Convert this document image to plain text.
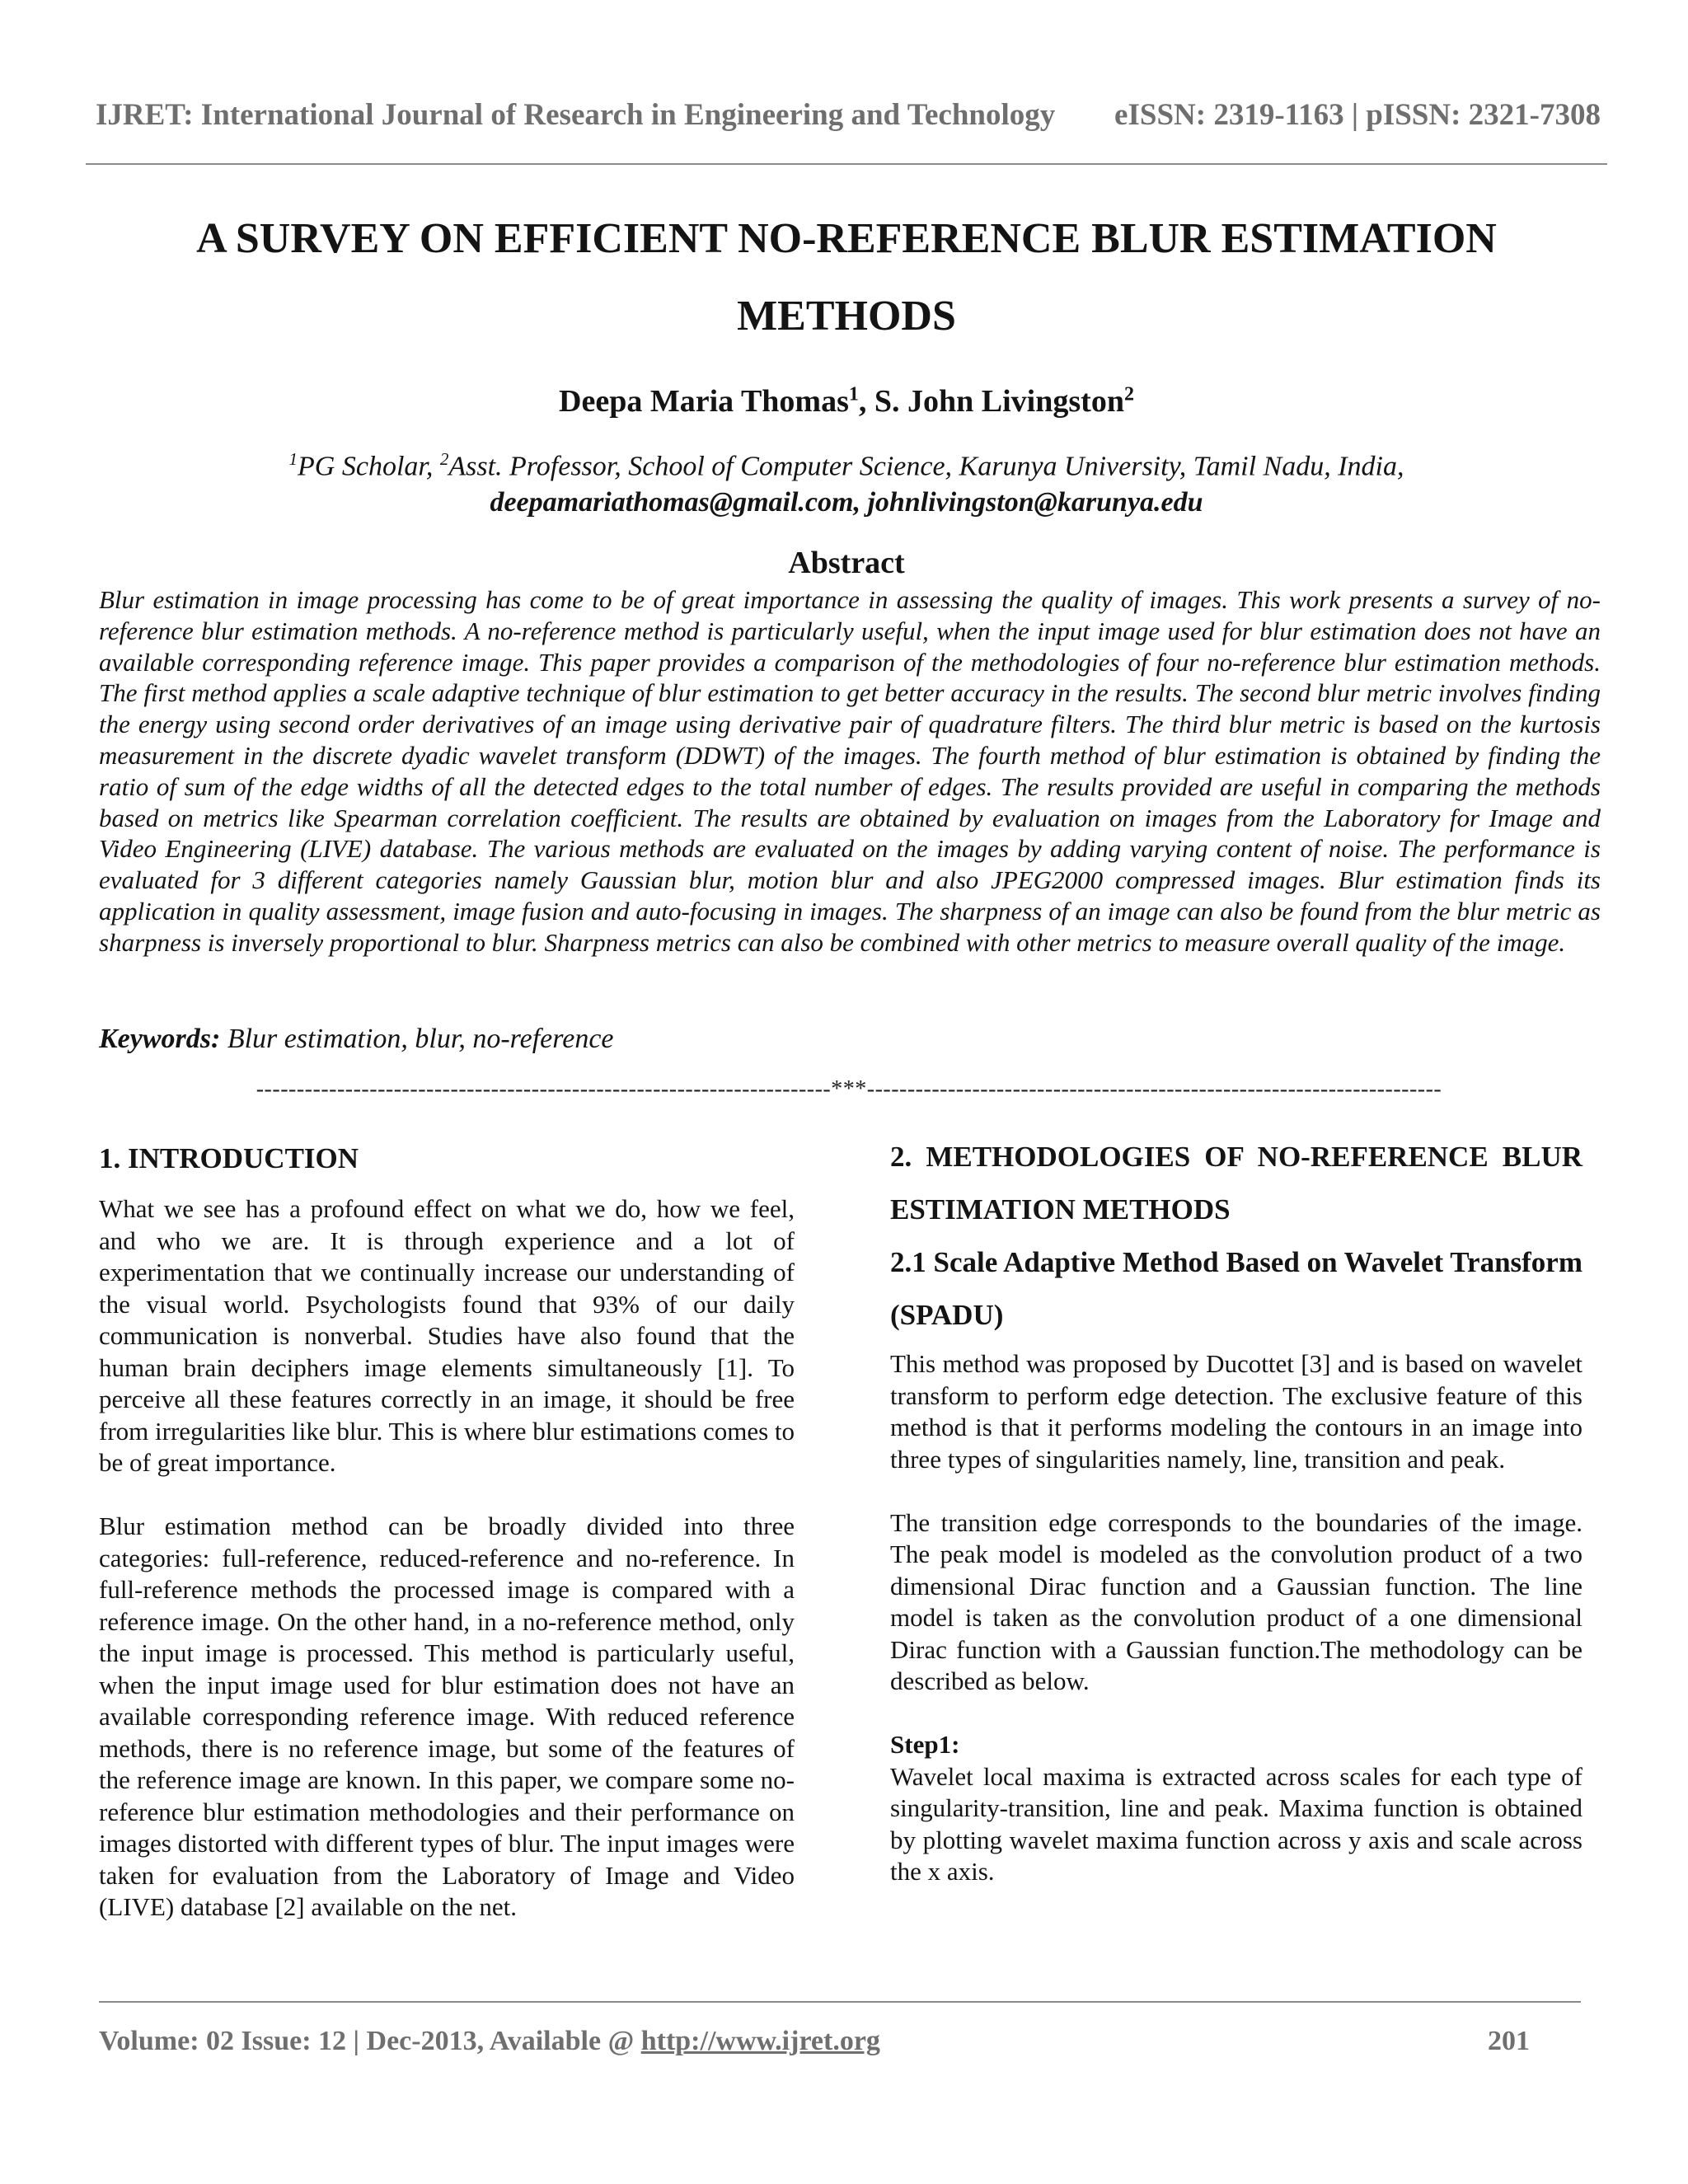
IJRET: International Journal of Research in Engineering and Technology eISSN: 2319-1163 | pISSN: 2321-7308
A SURVEY ON EFFICIENT NO-REFERENCE BLUR ESTIMATION METHODS
Deepa Maria Thomas$^1$, S. John Livingston$^2$
$^1$PG Scholar, $^2$Asst. Professor, School of Computer Science, Karunya University, Tamil Nadu, India,
deepamariathomas@gmail.com, johnlivingston@karunya.edu
Abstract
Blur estimation in image processing has come to be of great importance in assessing the quality of images. This work presents a survey of no-reference blur estimation methods. A no-reference method is particularly useful, when the input image used for blur estimation does not have an available corresponding reference image. This paper provides a comparison of the methodologies of four no-reference blur estimation methods. The first method applies a scale adaptive technique of blur estimation to get better accuracy in the results. The second blur metric involves finding the energy using second order derivatives of an image using derivative pair of quadrature filters. The third blur metric is based on the kurtosis measurement in the discrete dyadic wavelet transform (DDWT) of the images. The fourth method of blur estimation is obtained by finding the ratio of sum of the edge widths of all the detected edges to the total number of edges. The results provided are useful in comparing the methods based on metrics like Spearman correlation coefficient. The results are obtained by evaluation on images from the Laboratory for Image and Video Engineering (LIVE) database. The various methods are evaluated on the images by adding varying content of noise. The performance is evaluated for 3 different categories namely Gaussian blur, motion blur and also JPEG2000 compressed images. Blur estimation finds its application in quality assessment, image fusion and auto-focusing in images. The sharpness of an image can also be found from the blur metric as sharpness is inversely proportional to blur. Sharpness metrics can also be combined with other metrics to measure overall quality of the image.
Keywords: Blur estimation, blur, no-reference
-----------------------------------------------------------------------***-----------------------------------------------------------------------
1. INTRODUCTION

What we see has a profound effect on what we do, how we feel, and who we are. It is through experience and a lot of experimentation that we continually increase our understanding of the visual world. Psychologists found that 93% of our daily communication is nonverbal. Studies have also found that the human brain deciphers image elements simultaneously [1]. To perceive all these features correctly in an image, it should be free from irregularities like blur. This is where blur estimations comes to be of great importance.

Blur estimation method can be broadly divided into three categories: full-reference, reduced-reference and no-reference. In full-reference methods the processed image is compared with a reference image. On the other hand, in a no-reference method, only the input image is processed. This method is particularly useful, when the input image used for blur estimation does not have an available corresponding reference image. With reduced reference methods, there is no reference image, but some of the features of the reference image are known. In this paper, we compare some no-reference blur estimation methodologies and their performance on images distorted with different types of blur. The input images were taken for evaluation from the Laboratory of Image and Video (LIVE) database [2] available on the net.

2. METHODOLOGIES OF NO-REFERENCE BLUR ESTIMATION METHODS
2.1 Scale Adaptive Method Based on Wavelet Transform (SPADU)

This method was proposed by Ducottet [3] and is based on wavelet transform to perform edge detection. The exclusive feature of this method is that it performs modeling the contours in an image into three types of singularities namely, line, transition and peak.

The transition edge corresponds to the boundaries of the image. The peak model is modeled as the convolution product of a two dimensional Dirac function and a Gaussian function. The line model is taken as the convolution product of a one dimensional Dirac function with a Gaussian function.The methodology can be described as below.

Step1:

Wavelet local maxima is extracted across scales for each type of singularity-transition, line and peak. Maxima function is obtained by plotting wavelet maxima function across y axis and scale across the x axis.

Volume: 02 Issue: 12 | Dec-2013, Available @ http://www.ijret.org	201
